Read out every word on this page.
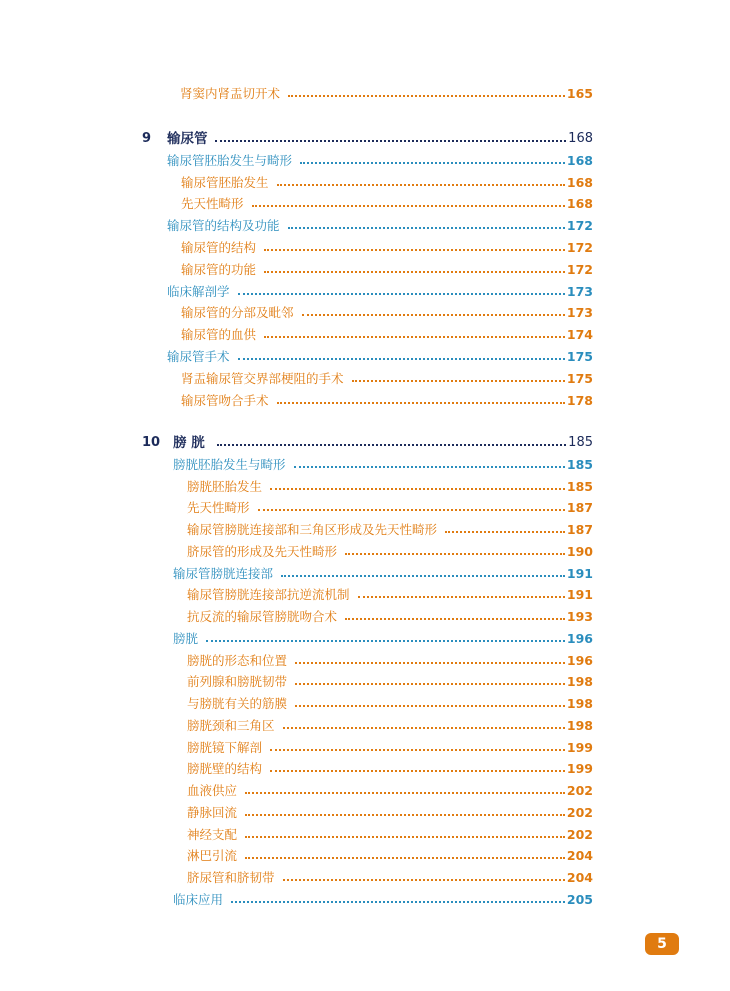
肾窦内肾盂切开术	165
9 输尿管	168
输尿管胚胎发生与畸形	168
输尿管胚胎发生	168
先天性畸形	168
输尿管的结构及功能	172
输尿管的结构	172
输尿管的功能	172
临床解剖学	173
输尿管的分部及毗邻	173
输尿管的血供	174
输尿管手术	175
肾盂输尿管交界部梗阻的手术	175
输尿管吻合手术	178
10 膀 胱	185
膀胱胚胎发生与畸形	185
膀胱胚胎发生	185
先天性畸形	187
输尿管膀胱连接部和三角区形成及先天性畸形	187
脐尿管的形成及先天性畸形	190
输尿管膀胱连接部	191
输尿管膀胱连接部抗逆流机制	191
抗反流的输尿管膀胱吻合术	193
膀胱	196
膀胱的形态和位置	196
前列腺和膀胱韧带	198
与膀胱有关的筋膜	198
膀胱颈和三角区	198
膀胱镜下解剖	199
膀胱壁的结构	199
血液供应	202
静脉回流	202
神经支配	202
淋巴引流	204
脐尿管和脐韧带	204
临床应用	205
5
